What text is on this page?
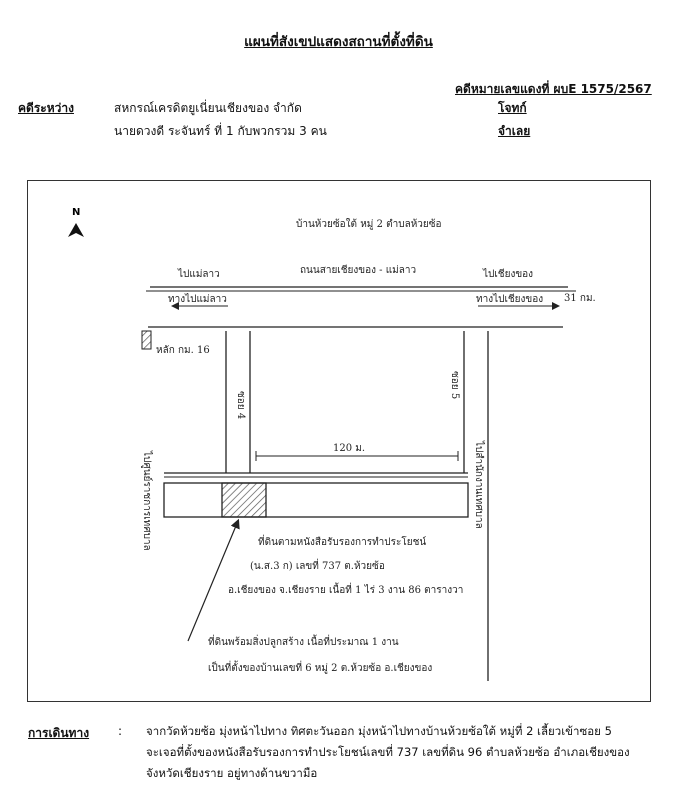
แผนที่สังเขปแสดงสถานที่ตั้งที่ดิน
คดีหมายเลขแดงที่ ผบE 1575/2567
คดีระหว่าง	สหกรณ์เครดิตยูเนี่ยนเชียงของ จำกัด
นายดวงดี ระจันทร์ ที่ 1 กับพวกรวม 3 คน
โจทก์
จำเลย
N
บ้านห้วยซ้อใต้ หมู่ 2 ตำบลห้วยซ้อ
ถนนสายเชียงของ - แม่ลาว
ไปแม่ลาว
ทางไปแม่ลาว
ไปเชียงของ
ทางไปเชียงของ 31 กม.
หลัก กม. 16
ซอย 4
ซอย 5
120 ม.
ไปศูนย์ราชการเทศบาล	ไปสำนักงานเทศบาล
ที่ดินตามหนังสือรับรองการทำประโยชน์
(น.ส.3 ก) เลขที่ 737 ต.ห้วยซ้อ
อ.เชียงของ จ.เชียงราย เนื้อที่ 1 ไร่ 3 งาน 86 ตารางวา
ที่ดินพร้อมสิ่งปลูกสร้าง เนื้อที่ประมาณ 1 งาน
เป็นที่ตั้งของบ้านเลขที่ 6 หมู่ 2 ต.ห้วยซ้อ อ.เชียงของ
การเดินทาง : จากวัดห้วยซ้อ มุ่งหน้าไปทาง ทิศตะวันออก มุ่งหน้าไปทางบ้านห้วยซ้อใต้ หมู่ที่ 2 เลี้ยวเข้าซอย 5
จะเจอที่ตั้งของหนังสือรับรองการทำประโยชน์เลขที่ 737 เลขที่ดิน 96 ตำบลห้วยซ้อ อำเภอเชียงของ
จังหวัดเชียงราย อยู่ทางด้านขวามือ
